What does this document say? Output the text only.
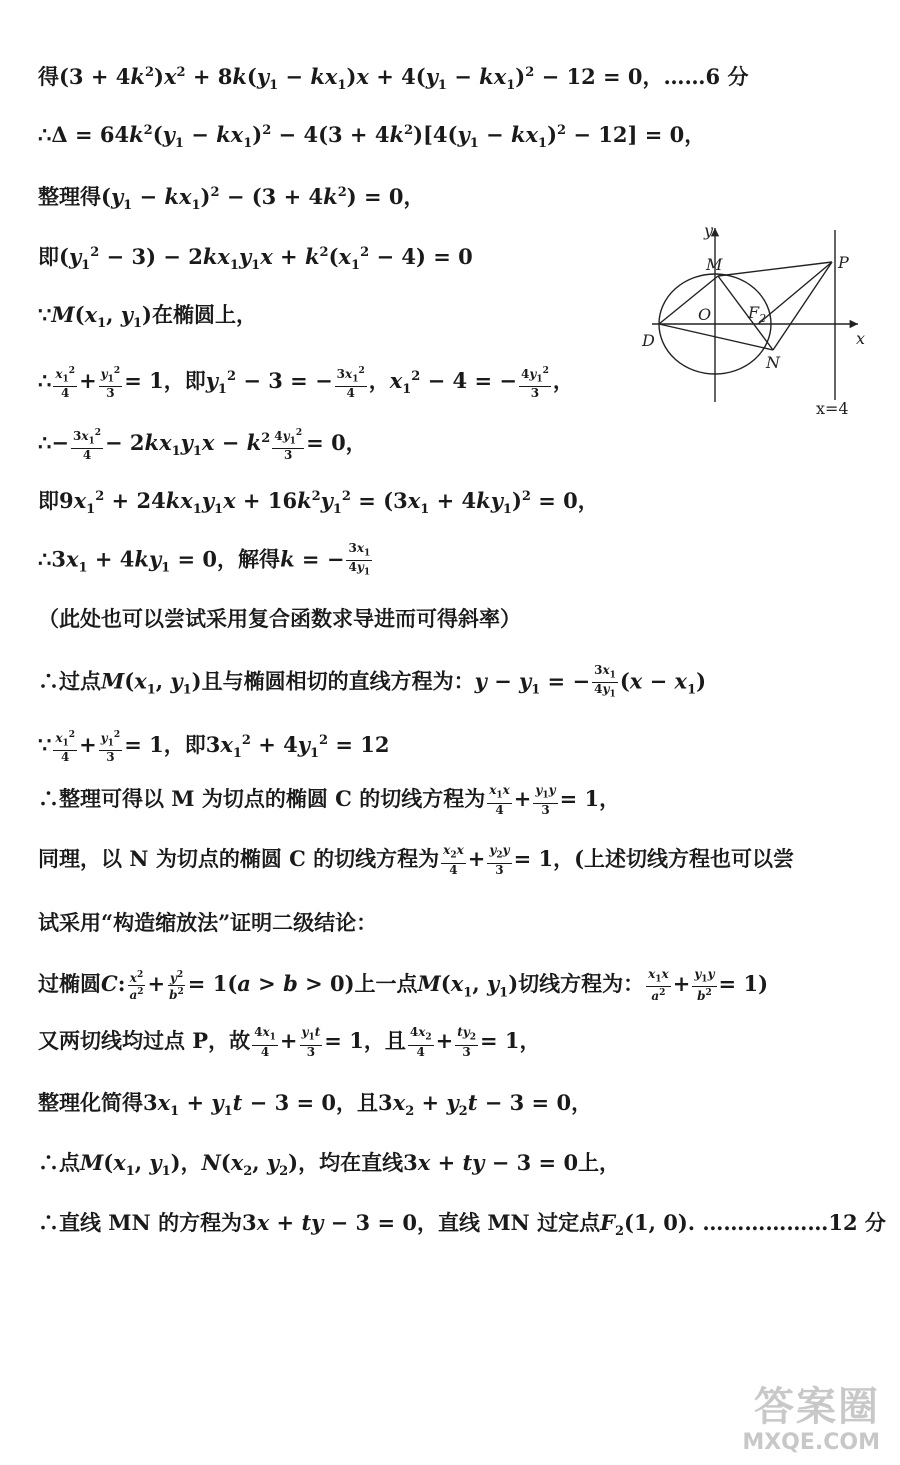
得$(3 + 4k^2)x^2 + 8k(y_1 - kx_1)x + 4(y_1 - kx_1)^2 - 12 = 0$，……6 分
∴Δ = $64k^2(y_1 - kx_1)^2 - 4(3 + 4k^2)[4(y_1 - kx_1)^2 - 12] = 0$，
整理得$(y_1 - kx_1)^2 - (3 + 4k^2) = 0$，
即$(y_1^2 - 3) - 2kx_1y_1x + k^2(x_1^2 - 4) = 0$
$\because M(x_1$, $y_1$)在椭圆上，
∴ $\frac{x_1^2}{4} + \frac{y_1^2}{3} = 1$，即$y_1^2 - 3$ = − $\frac{3x_1^2}{4}$ ，$x_1^2 - 4$ = − $\frac{4y_1^2}{3}$ ，
∴− $\frac{3x_1^2}{4} - 2kx_1y_1x - k^2 \frac{4y_1^2}{3} = 0$，
即$9x_1^2 + 24kx_1y_1x + 16k^2y_1^2 = (3x_1 + 4ky_1)^2 = 0$，
$\therefore 3x_1 + 4ky_1 = 0$，解得k = − $\frac{3x_1}{4y_1}$
（此处也可以尝试采用复合函数求导进而可得斜率）
∴过点$M(x_1$, $y_1$)且与椭圆相切的直线方程为：$y - y_1$ = − $\frac{3x_1}{4y_1} (x - x_1)$
∵ $\frac{x_1^2}{4} + \frac{y_1^2}{3} = 1$，即$3x_1^2 + 4y_1^2 = 12$
∴整理可得以 M 为切点的椭圆 C 的切线方程为 $\frac{x_1x}{4} + \frac{y_1y}{3} = 1$，
同理，以 N 为切点的椭圆 C 的切线方程为 $\frac{x_2x}{4} + \frac{y_2y}{3} = 1$，(上述切线方程也可以尝
试采用“构造缩放法”证明二级结论：
过椭圆C: $\frac{x^2}{a^2} + \frac{y^2}{b^2} = 1(a > b > 0)$上一点$M(x_1$, $y_1$)切线方程为： $\frac{x_1x}{a^2} + \frac{y_1y}{b^2} = 1$)
又两切线均过点 P，故 $\frac{4x_1}{4} + \frac{y_1t}{3} = 1$，且 $\frac{4x_2}{4} + \frac{ty_2}{3} = 1$，
整理化简得$3x_1 + y_1t - 3 = 0$，且$3x_2 + y_2t - 3 = 0$，
∴点$M(x_1$, $y_1$)，$N(x_2$, $y_2$)，均在直线3x + ty − 3 = 0上，
∴直线 MN 的方程为3x + ty − 3 = 0，直线 MN 过定点$F_2(1$, 0). ………………12 分
y
x
M	P
O $F_2$
D
N
x=4
答案圈
MXQE.COM
